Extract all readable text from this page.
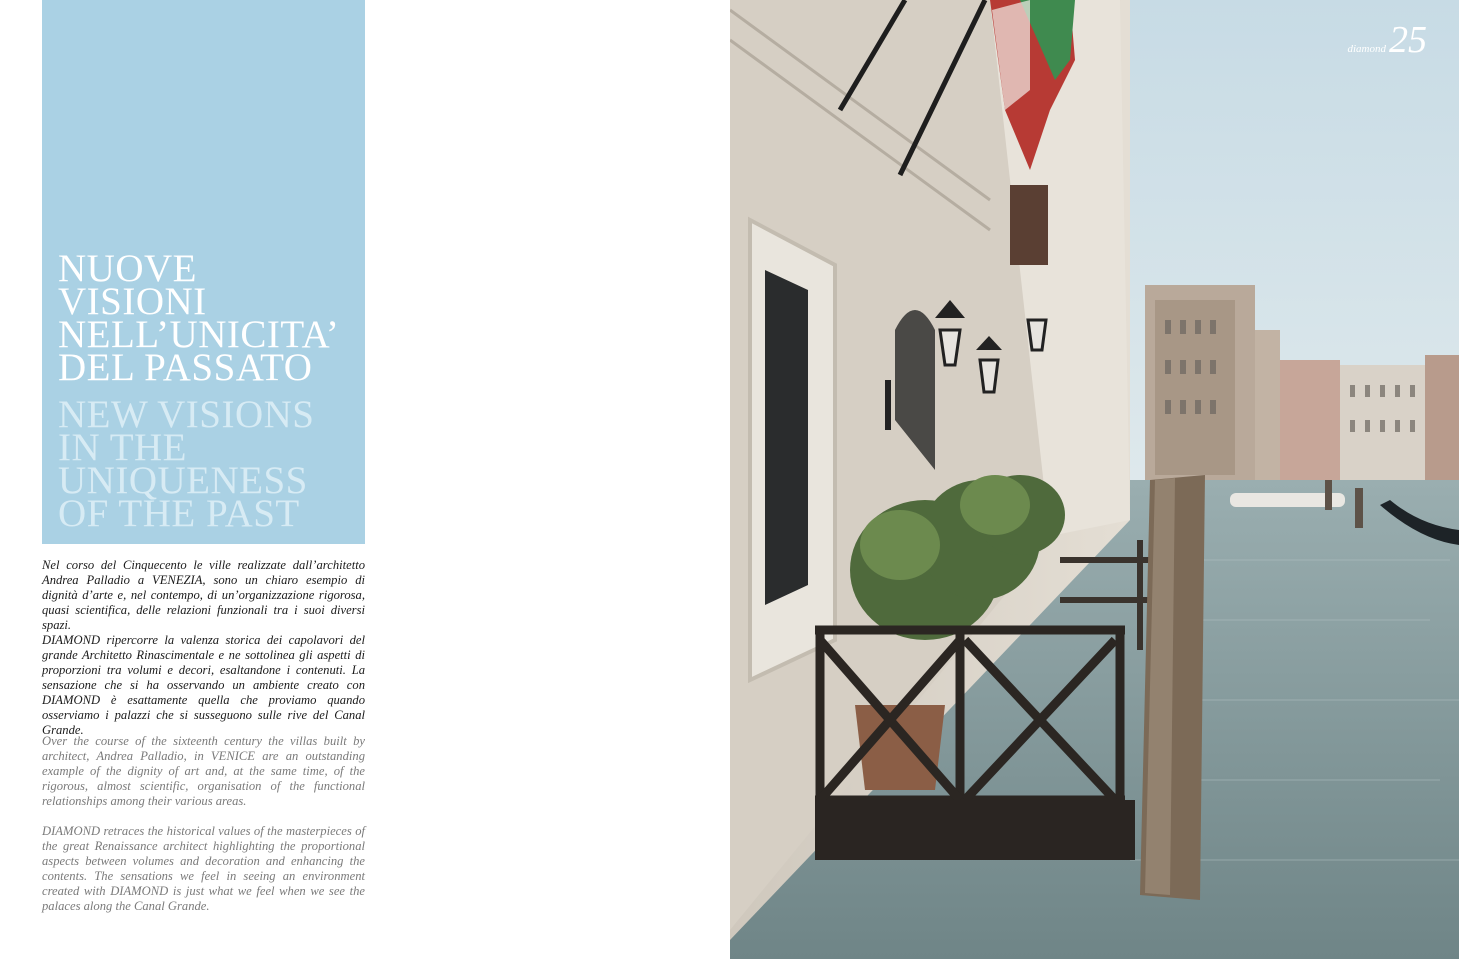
NUOVE
VISIONI
NELL’UNICITA’
DEL PASSATO
NEW VISIONS
IN THE
UNIQUENESS
OF THE PAST

Nel corso del Cinquecento le ville realizzate dall’architetto Andrea Palladio a VENEZIA, sono un chiaro esempio di dignità d’arte e, nel contempo, di un’organizzazione rigorosa, quasi scientifica, delle relazioni funzionali tra i suoi diversi spazi.

DIAMOND ripercorre la valenza storica dei capolavori del grande Architetto Rinascimentale e ne sottolinea gli aspetti di proporzioni tra volumi e decori, esaltandone i contenuti. La sensazione che si ha osservando un ambiente creato con DIAMOND è esattamente quella che proviamo quando osserviamo i palazzi che si susseguono sulle rive del Canal Grande.

Over the course of the sixteenth century the villas built by architect, Andrea Palladio, in VENICE are an outstanding example of the dignity of art and, at the same time, of the rigorous, almost scientific, organisation of the functional relationships among their various areas.

DIAMOND retraces the historical values of the masterpieces of the great Renaissance architect highlighting the proportional aspects between volumes and decoration and enhancing the contents. The sensations we feel in seeing an environment created with DIAMOND is just what we feel when we see the palaces along the Canal Grande.

diamond25
